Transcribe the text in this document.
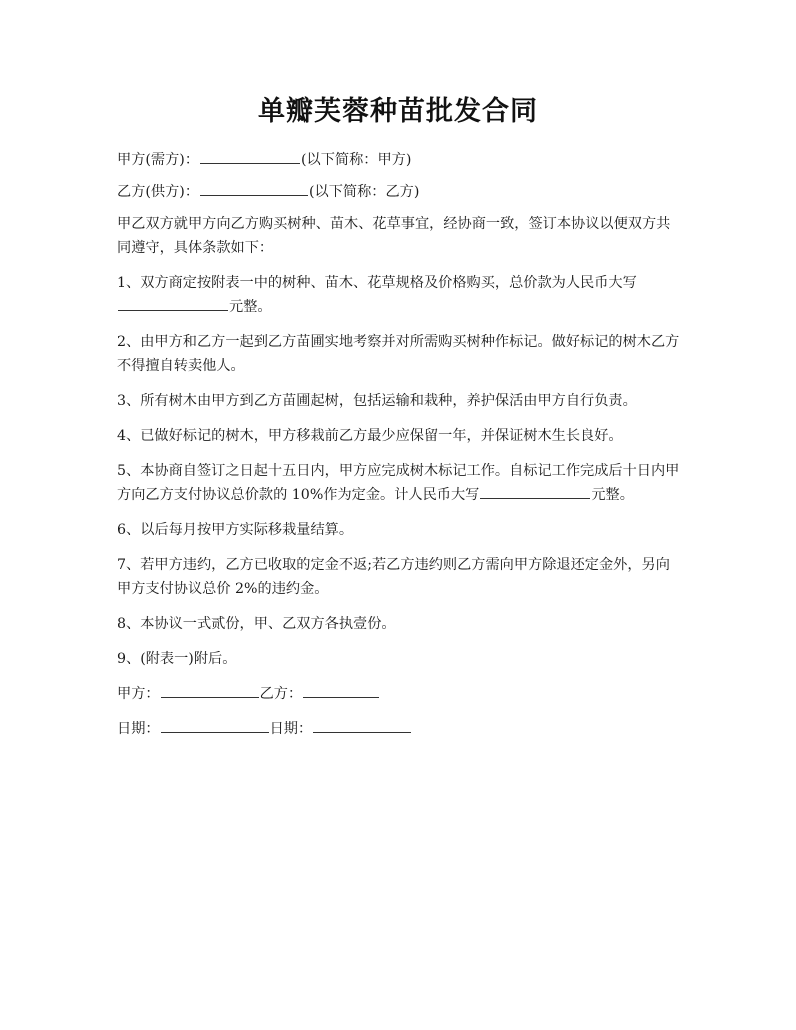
单瓣芙蓉种苗批发合同

甲方(需方)：	(以下简称：甲方)

乙方(供方)：	(以下简称：乙方)

甲乙双方就甲方向乙方购买树种、苗木、花草事宜，经协商一致，签订本协议以便双方共同遵守，具体条款如下：

1、双方商定按附表一中的树种、苗木、花草规格及价格购买，总价款为人民币大写元整。

2、由甲方和乙方一起到乙方苗圃实地考察并对所需购买树种作标记。做好标记的树木乙方不得擅自转卖他人。

3、所有树木由甲方到乙方苗圃起树，包括运输和栽种，养护保活由甲方自行负责。

4、已做好标记的树木，甲方移栽前乙方最少应保留一年，并保证树木生长良好。

5、本协商自签订之日起十五日内，甲方应完成树木标记工作。自标记工作完成后十日内甲方向乙方支付协议总价款的 10%作为定金。计人民币大写	元整。

6、以后每月按甲方实际移栽量结算。

7、若甲方违约，乙方已收取的定金不返;若乙方违约则乙方需向甲方除退还定金外，另向甲方支付协议总价 2%的违约金。

8、本协议一式贰份，甲、乙双方各执壹份。

9、(附表一)附后。

甲方：	乙方：

日期：	日期：
